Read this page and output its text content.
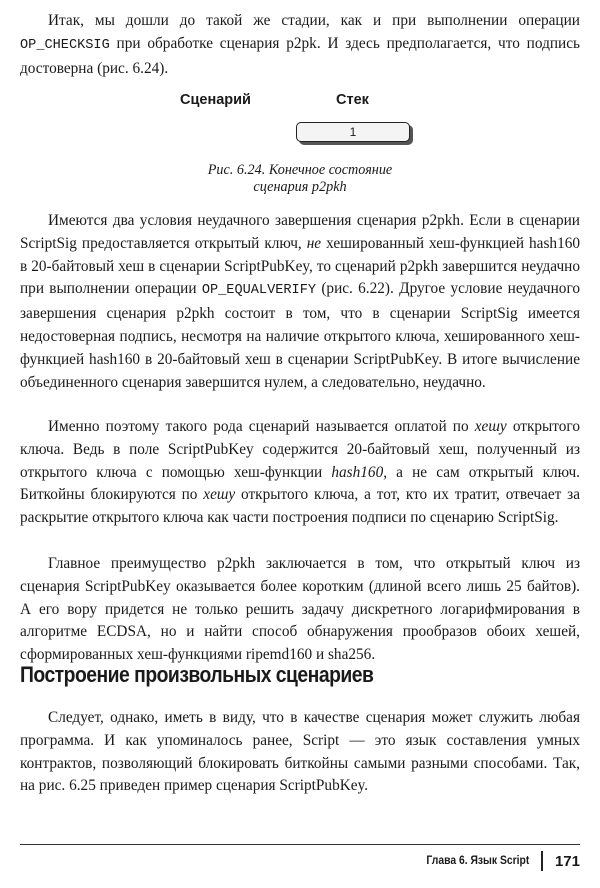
Итак, мы дошли до такой же стадии, как и при выполнении операции OP_CHECKSIG при обработке сценария p2pk. И здесь предполагается, что подпись достоверна (рис. 6.24).

Сценарий	Стек
1
Рис. 6.24. Конечное состояние
сценария p2pkh

Имеются два условия неудачного завершения сценария p2pkh. Если в сценарии ScriptSig предоставляется открытый ключ, не хешированный хеш-функцией hash160 в 20-байтовый хеш в сценарии ScriptPubKey, то сценарий p2pkh завершится неудачно при выполнении операции OP_EQUALVERIFY (рис. 6.22). Другое условие неудачного завершения сценария p2pkh состоит в том, что в сценарии ScriptSig имеется недостоверная подпись, несмотря на наличие открытого ключа, хешированного хеш-функцией hash160 в 20-байтовый хеш в сценарии ScriptPubKey. В итоге вычисление объединенного сценария завершится нулем, а следовательно, неудачно.

Именно поэтому такого рода сценарий называется оплатой по хешу открытого ключа. Ведь в поле ScriptPubKey содержится 20-байтовый хеш, полученный из открытого ключа с помощью хеш-функции hash160, а не сам открытый ключ. Биткойны блокируются по хешу открытого ключа, а тот, кто их тратит, отвечает за раскрытие открытого ключа как части построения подписи по сценарию ScriptSig.

Главное преимущество p2pkh заключается в том, что открытый ключ из сценария ScriptPubKey оказывается более коротким (длиной всего лишь 25 байтов). А его вору придется не только решить задачу дискретного логарифмирования в алгоритме ECDSA, но и найти способ обнаружения прообразов обоих хешей, сформированных хеш-функциями ripemd160 и sha256.

Построение произвольных сценариев

Следует, однако, иметь в виду, что в качестве сценария может служить любая программа. И как упоминалось ранее, Script — это язык составления умных контрактов, позволяющий блокировать биткойны самыми разными способами. Так, на рис. 6.25 приведен пример сценария ScriptPubKey.

Глава 6. Язык Script 171
